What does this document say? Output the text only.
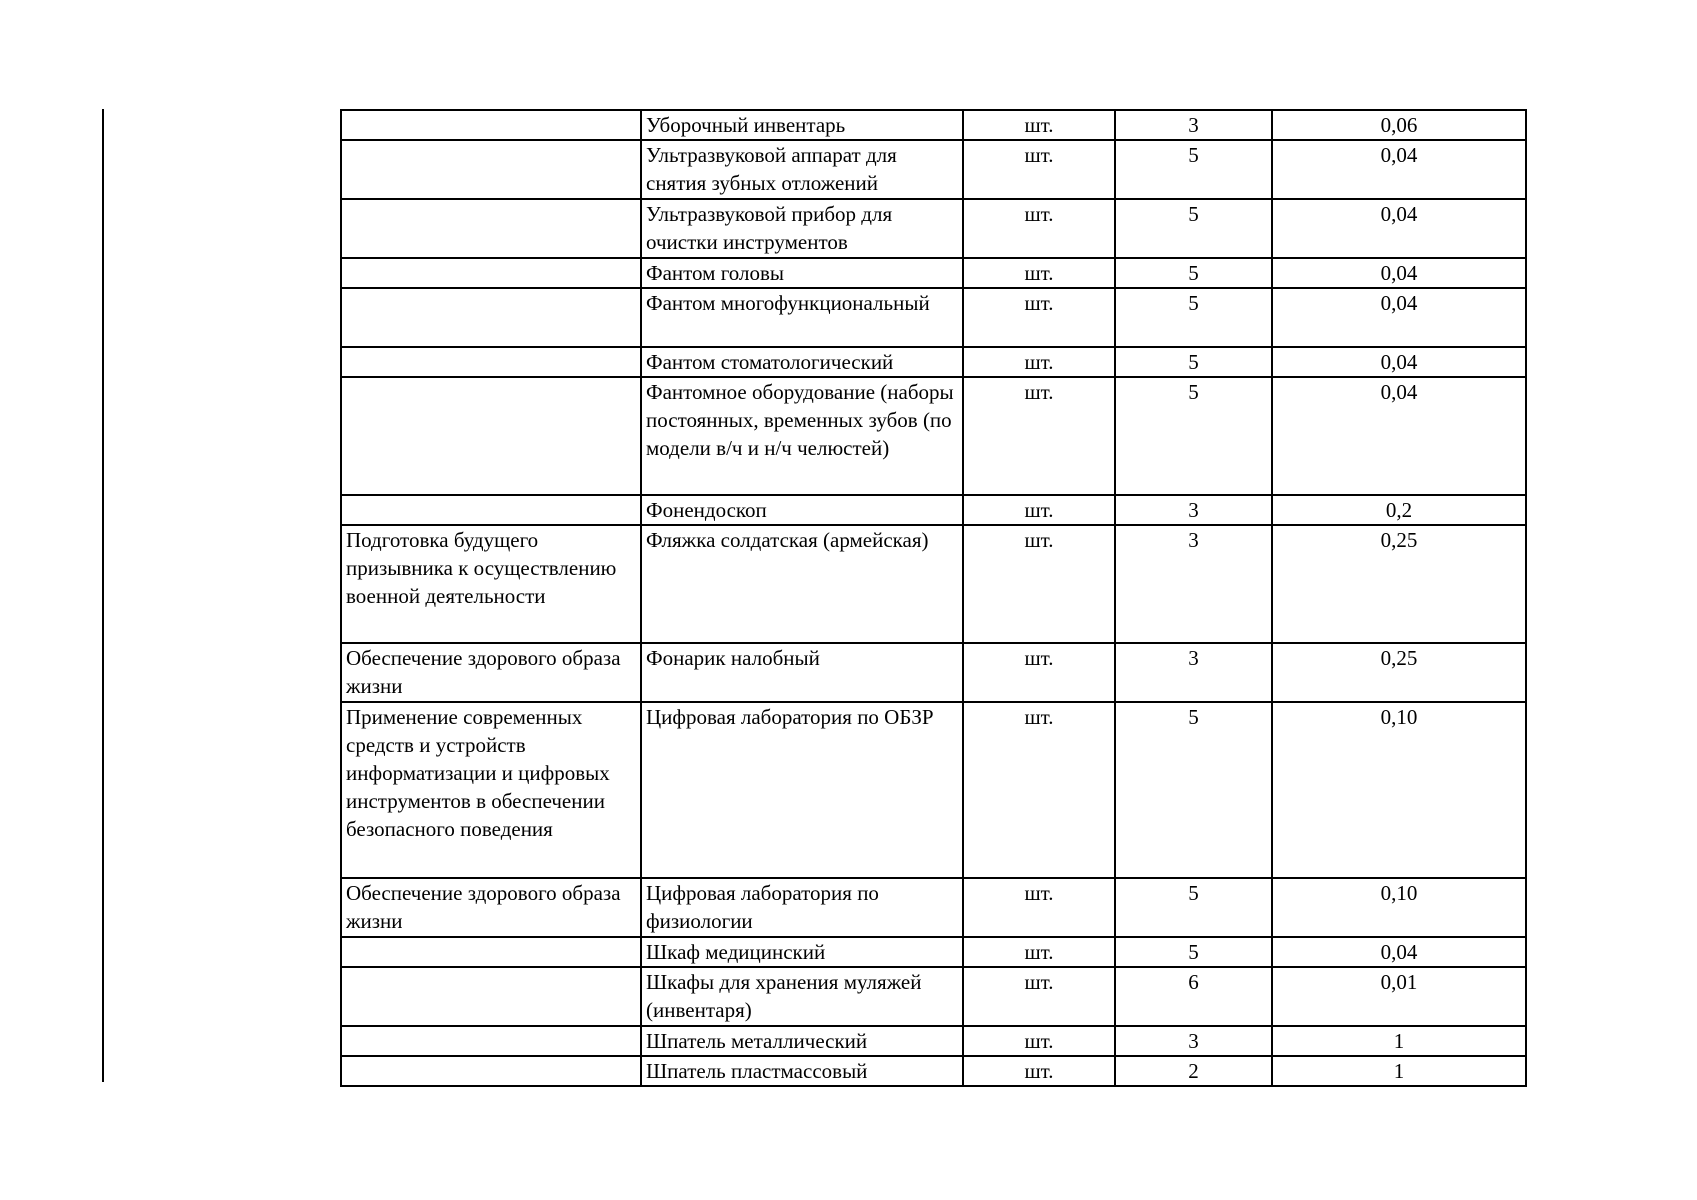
	Уборочный инвентарь	шт.	3	0,06
	Ультразвуковой аппарат для снятия зубных отложений	шт.	5	0,04
	Ультразвуковой прибор для очистки инструментов	шт.	5	0,04
	Фантом головы	шт.	5	0,04
	Фантом многофункциональный	шт.	5	0,04
	Фантом стоматологический	шт.	5	0,04
	Фантомное оборудование (наборы постоянных, временных зубов (по модели в/ч и н/ч челюстей)	шт.	5	0,04
	Фонендоскоп	шт.	3	0,2
Подготовка будущего призывника к осуществлению военной деятельности	Фляжка солдатская (армейская)	шт.	3	0,25
Обеспечение здорового образа жизни	Фонарик налобный	шт.	3	0,25
Применение современных средств и устройств информатизации и цифровых инструментов в обеспечении безопасного поведения	Цифровая лаборатория по ОБЗР	шт.	5	0,10
Обеспечение здорового образа жизни	Цифровая лаборатория по физиологии	шт.	5	0,10
	Шкаф медицинский	шт.	5	0,04
	Шкафы для хранения муляжей (инвентаря)	шт.	6	0,01
	Шпатель металлический	шт.	3	1
	Шпатель пластмассовый	шт.	2	1
